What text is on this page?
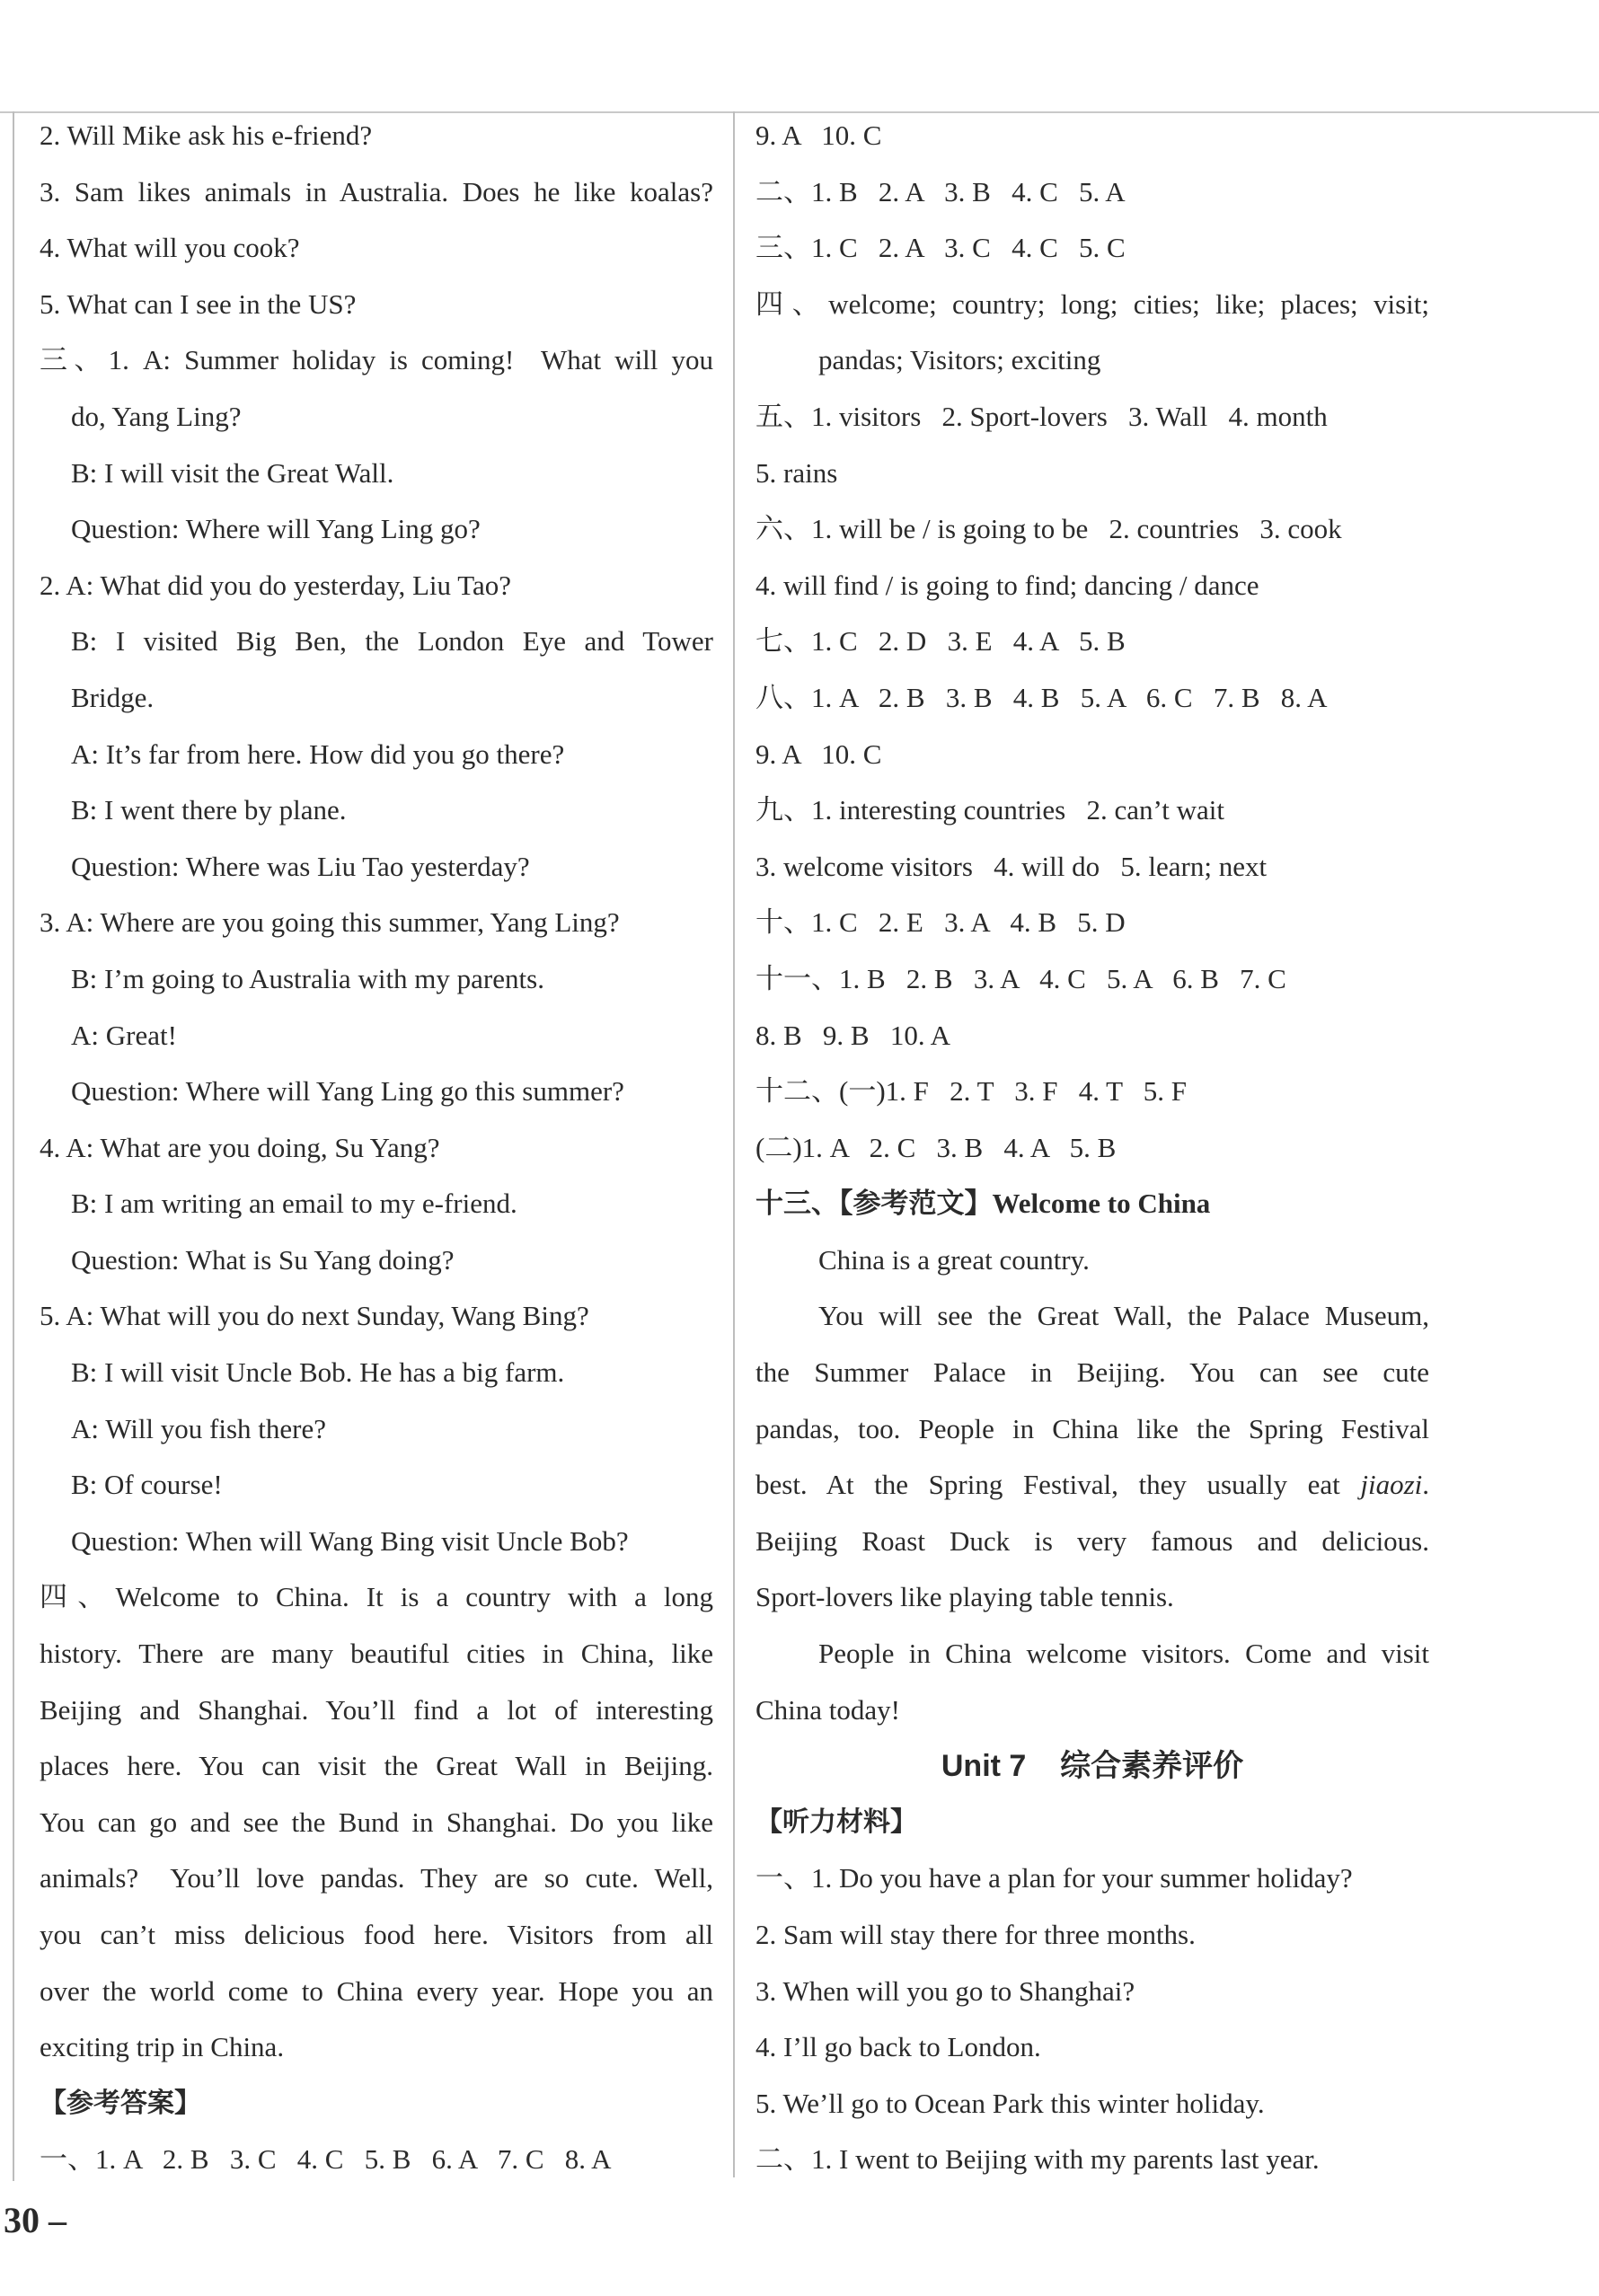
2. Will Mike ask his e-friend?
3. Sam likes animals in Australia. Does he like koalas?
4. What will you cook?
5. What can I see in the US?
三、1. A: Summer holiday is coming!  What will you
do, Yang Ling?
B: I will visit the Great Wall.
Question: Where will Yang Ling go?
2. A: What did you do yesterday, Liu Tao?
B:  I  visited  Big  Ben,  the  London  Eye  and  Tower
Bridge.
A: It’s far from here. How did you go there?
B: I went there by plane.
Question: Where was Liu Tao yesterday?
3. A: Where are you going this summer, Yang Ling?
B: I’m going to Australia with my parents.
A: Great!
Question: Where will Yang Ling go this summer?
4. A: What are you doing, Su Yang?
B: I am writing an email to my e-friend.
Question: What is Su Yang doing?
5. A: What will you do next Sunday, Wang Bing?
B: I will visit Uncle Bob. He has a big farm.
A: Will you fish there?
B: Of course!
Question: When will Wang Bing visit Uncle Bob?
四、Welcome to China. It is a country with a long
history. There are many beautiful cities in China, like
Beijing and Shanghai. You’ll find a lot of interesting
places here. You can visit the Great Wall in Beijing.
You can go and see the Bund in Shanghai. Do you like
animals?  You’ll love pandas. They are so cute. Well,
you can’t miss delicious food here. Visitors from all
over the world come to China every year. Hope you an
exciting trip in China.
【参考答案】
一、1. A   2. B   3. C   4. C   5. B   6. A   7. C   8. A
9. A   10. C
二、1. B   2. A   3. B   4. C   5. A
三、1. C   2. A   3. C   4. C   5. C
四、welcome; country; long; cities; like; places; visit;
pandas; Visitors; exciting
五、1. visitors   2. Sport-lovers   3. Wall   4. month
5. rains
六、1. will be / is going to be   2. countries   3. cook
4. will find / is going to find; dancing / dance
七、1. C   2. D   3. E   4. A   5. B
八、1. A   2. B   3. B   4. B   5. A   6. C   7. B   8. A
9. A   10. C
九、1. interesting countries   2. can’t wait
3. welcome visitors   4. will do   5. learn; next
十、1. C   2. E   3. A   4. B   5. D
十一、1. B   2. B   3. A   4. C   5. A   6. B   7. C
8. B   9. B   10. A
十二、(一)1. F   2. T   3. F   4. T   5. F
(二)1. A   2. C   3. B   4. A   5. B
十三、【参考范文】Welcome to China
China is a great country.
You will see the Great Wall, the Palace Museum,
the  Summer  Palace  in  Beijing.  You  can  see  cute
pandas, too. People in China like the Spring Festival
best. At the Spring Festival, they usually eat jiaozi.
Beijing  Roast  Duck  is  very  famous  and  delicious.
Sport-lovers like playing table tennis.
People in China welcome visitors. Come and visit
China today!
Unit 7    综合素养评价
【听力材料】
一、1. Do you have a plan for your summer holiday?
2. Sam will stay there for three months.
3. When will you go to Shanghai?
4. I’ll go back to London.
5. We’ll go to Ocean Park this winter holiday.
二、1. I went to Beijing with my parents last year.
30 –
